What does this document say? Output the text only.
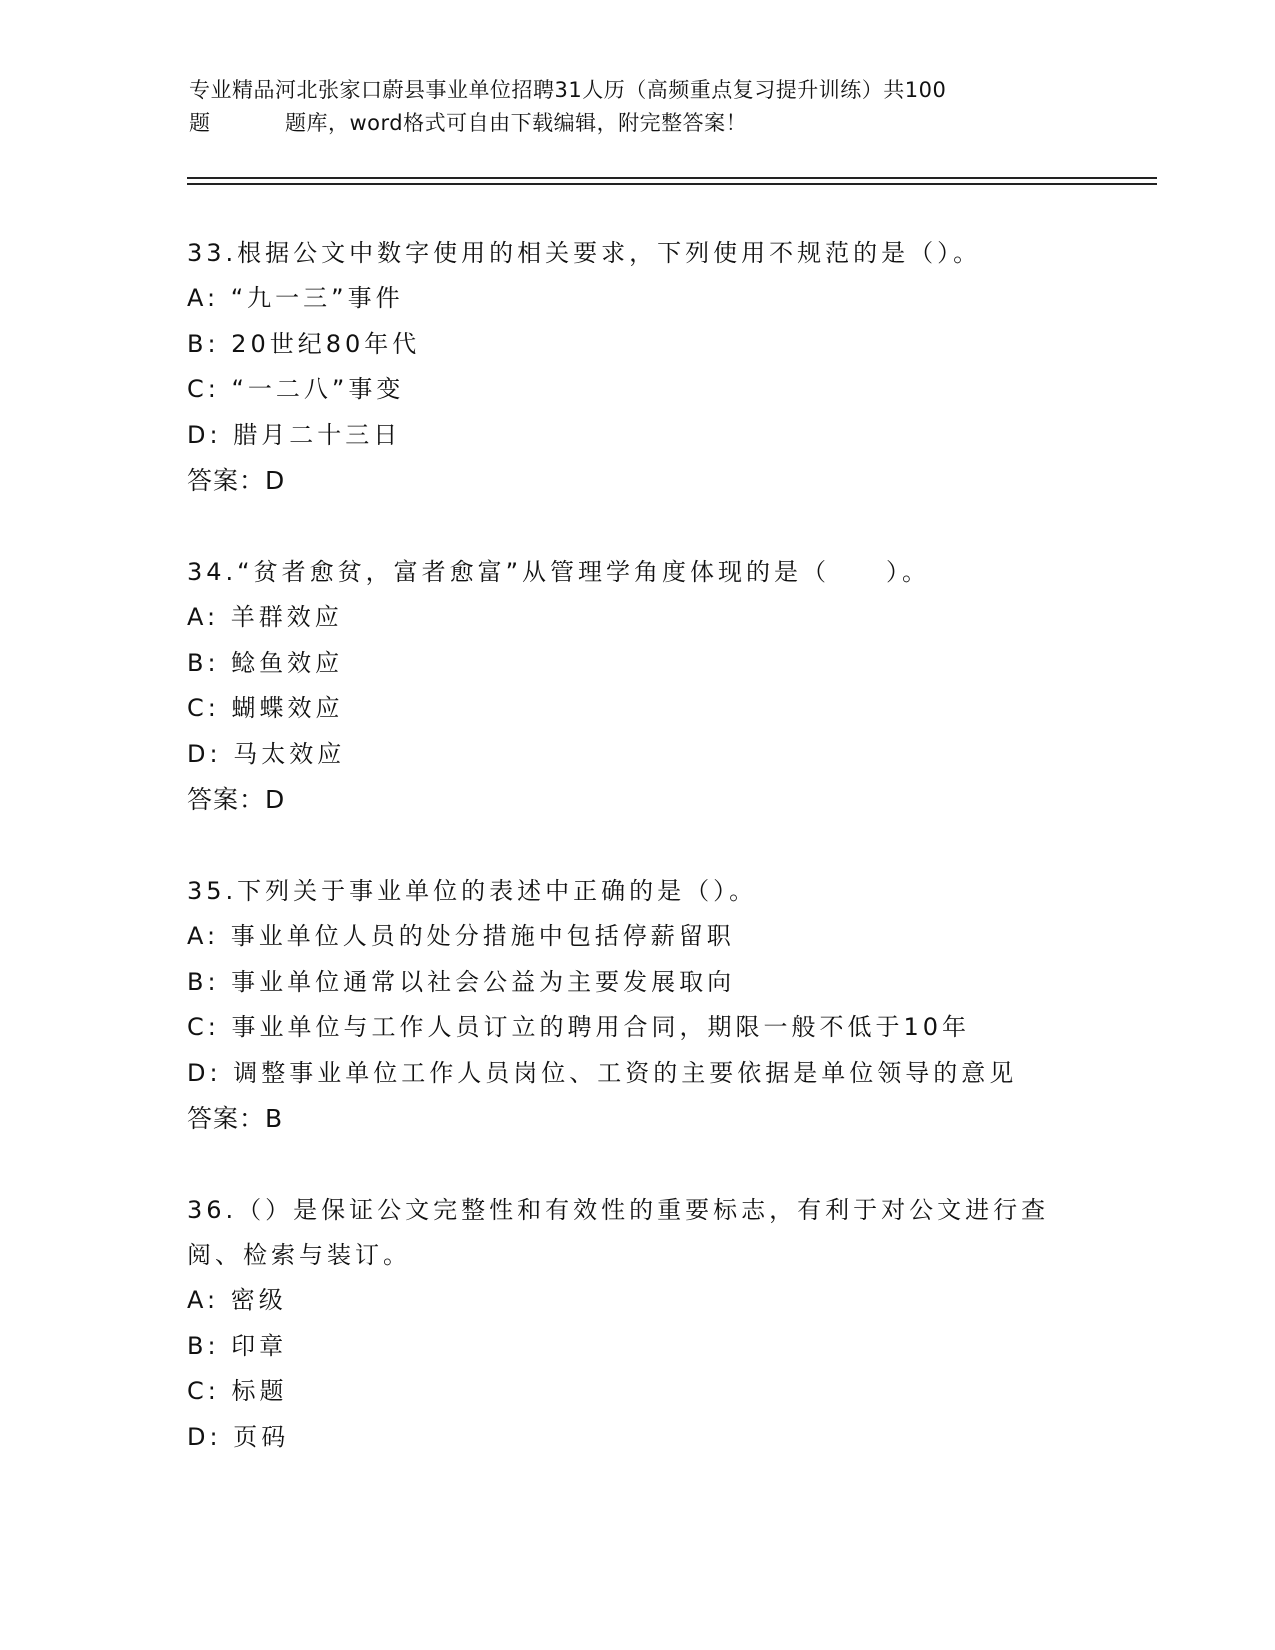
专业精品河北张家口蔚县事业单位招聘31人历（高频重点复习提升训练）共100
题	题库，word格式可自由下载编辑，附完整答案！

33.根据公文中数字使用的相关要求，下列使用不规范的是（）。

A: “九一三”事件

B: 20世纪80年代

C: “一二八”事变

D: 腊月二十三日

答案：D

34.“贫者愈贫，富者愈富”从管理学角度体现的是（　　）。

A: 羊群效应

B: 鲶鱼效应

C: 蝴蝶效应

D: 马太效应

答案：D

35.下列关于事业单位的表述中正确的是（）。

A: 事业单位人员的处分措施中包括停薪留职

B: 事业单位通常以社会公益为主要发展取向

C: 事业单位与工作人员订立的聘用合同，期限一般不低于10年

D: 调整事业单位工作人员岗位、工资的主要依据是单位领导的意见

答案：B

36.（）是保证公文完整性和有效性的重要标志，有利于对公文进行查

阅、检索与装订。

A: 密级

B: 印章

C: 标题

D: 页码
